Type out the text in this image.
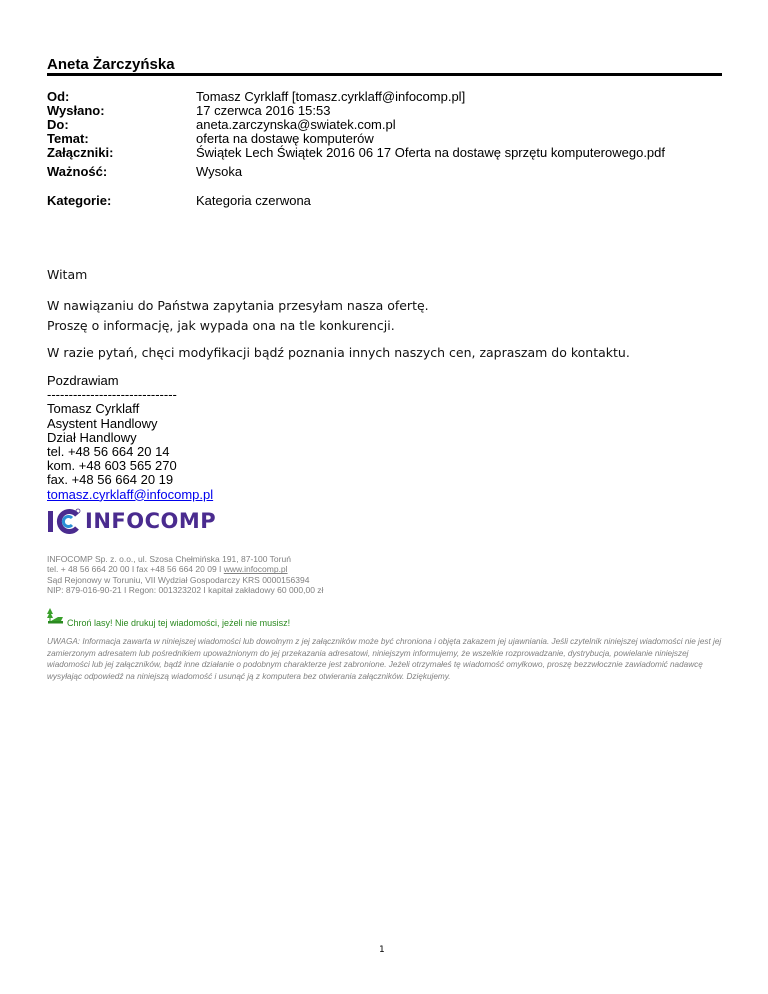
Aneta Żarczyńska
Od:
Wysłano:
Do:
Temat:
Załączniki:
Tomasz Cyrklaff [tomasz.cyrklaff@infocomp.pl]
17 czerwca 2016 15:53
aneta.zarczynska@swiatek.com.pl
oferta na dostawę komputerów
Świątek Lech Świątek 2016 06 17 Oferta na dostawę sprzętu komputerowego.pdf
Ważność:	Wysoka
Kategorie:	Kategoria czerwona
Witam
W nawiązaniu do Państwa zapytania przesyłam nasza ofertę.
Proszę o informację, jak wypada ona na tle konkurencji.
W razie pytań, chęci modyfikacji bądź poznania innych naszych cen, zapraszam do kontaktu.
Pozdrawiam
------------------------------
Tomasz Cyrklaff
Asystent Handlowy
Dział Handlowy
tel. +48 56 664 20 14
kom. +48 603 565 270
fax. +48 56 664 20 19
tomasz.cyrklaff@infocomp.pl
INFOCOMP
INFOCOMP Sp. z. o.o., ul. Szosa Chełmińska 191, 87-100 Toruń
tel. + 48 56 664 20 00 I fax +48 56 664 20 09 I www.infocomp.pl
Sąd Rejonowy w Toruniu, VII Wydział Gospodarczy KRS 0000156394
NIP: 879-016-90-21 I Regon: 001323202 I kapitał zakładowy 60 000,00 zł
Chroń lasy! Nie drukuj tej wiadomości, jeżeli nie musisz!
UWAGA: Informacja zawarta w niniejszej wiadomości lub dowolnym z jej załączników może być chroniona i objęta zakazem jej ujawniania. Jeśli czytelnik niniejszej wiadomości nie jest jej zamierzonym adresatem lub pośrednikiem upoważnionym do jej przekazania adresatowi, niniejszym informujemy, że wszelkie rozprowadzanie, dystrybucja, powielanie niniejszej wiadomości lub jej załączników, bądź inne działanie o podobnym charakterze jest zabronione. Jeżeli otrzymałeś tę wiadomość omyłkowo, proszę bezzwłocznie zawiadomić nadawcę wysyłając odpowiedź na niniejszą wiadomość i usunąć ją z komputera bez otwierania załączników. Dziękujemy.
1
